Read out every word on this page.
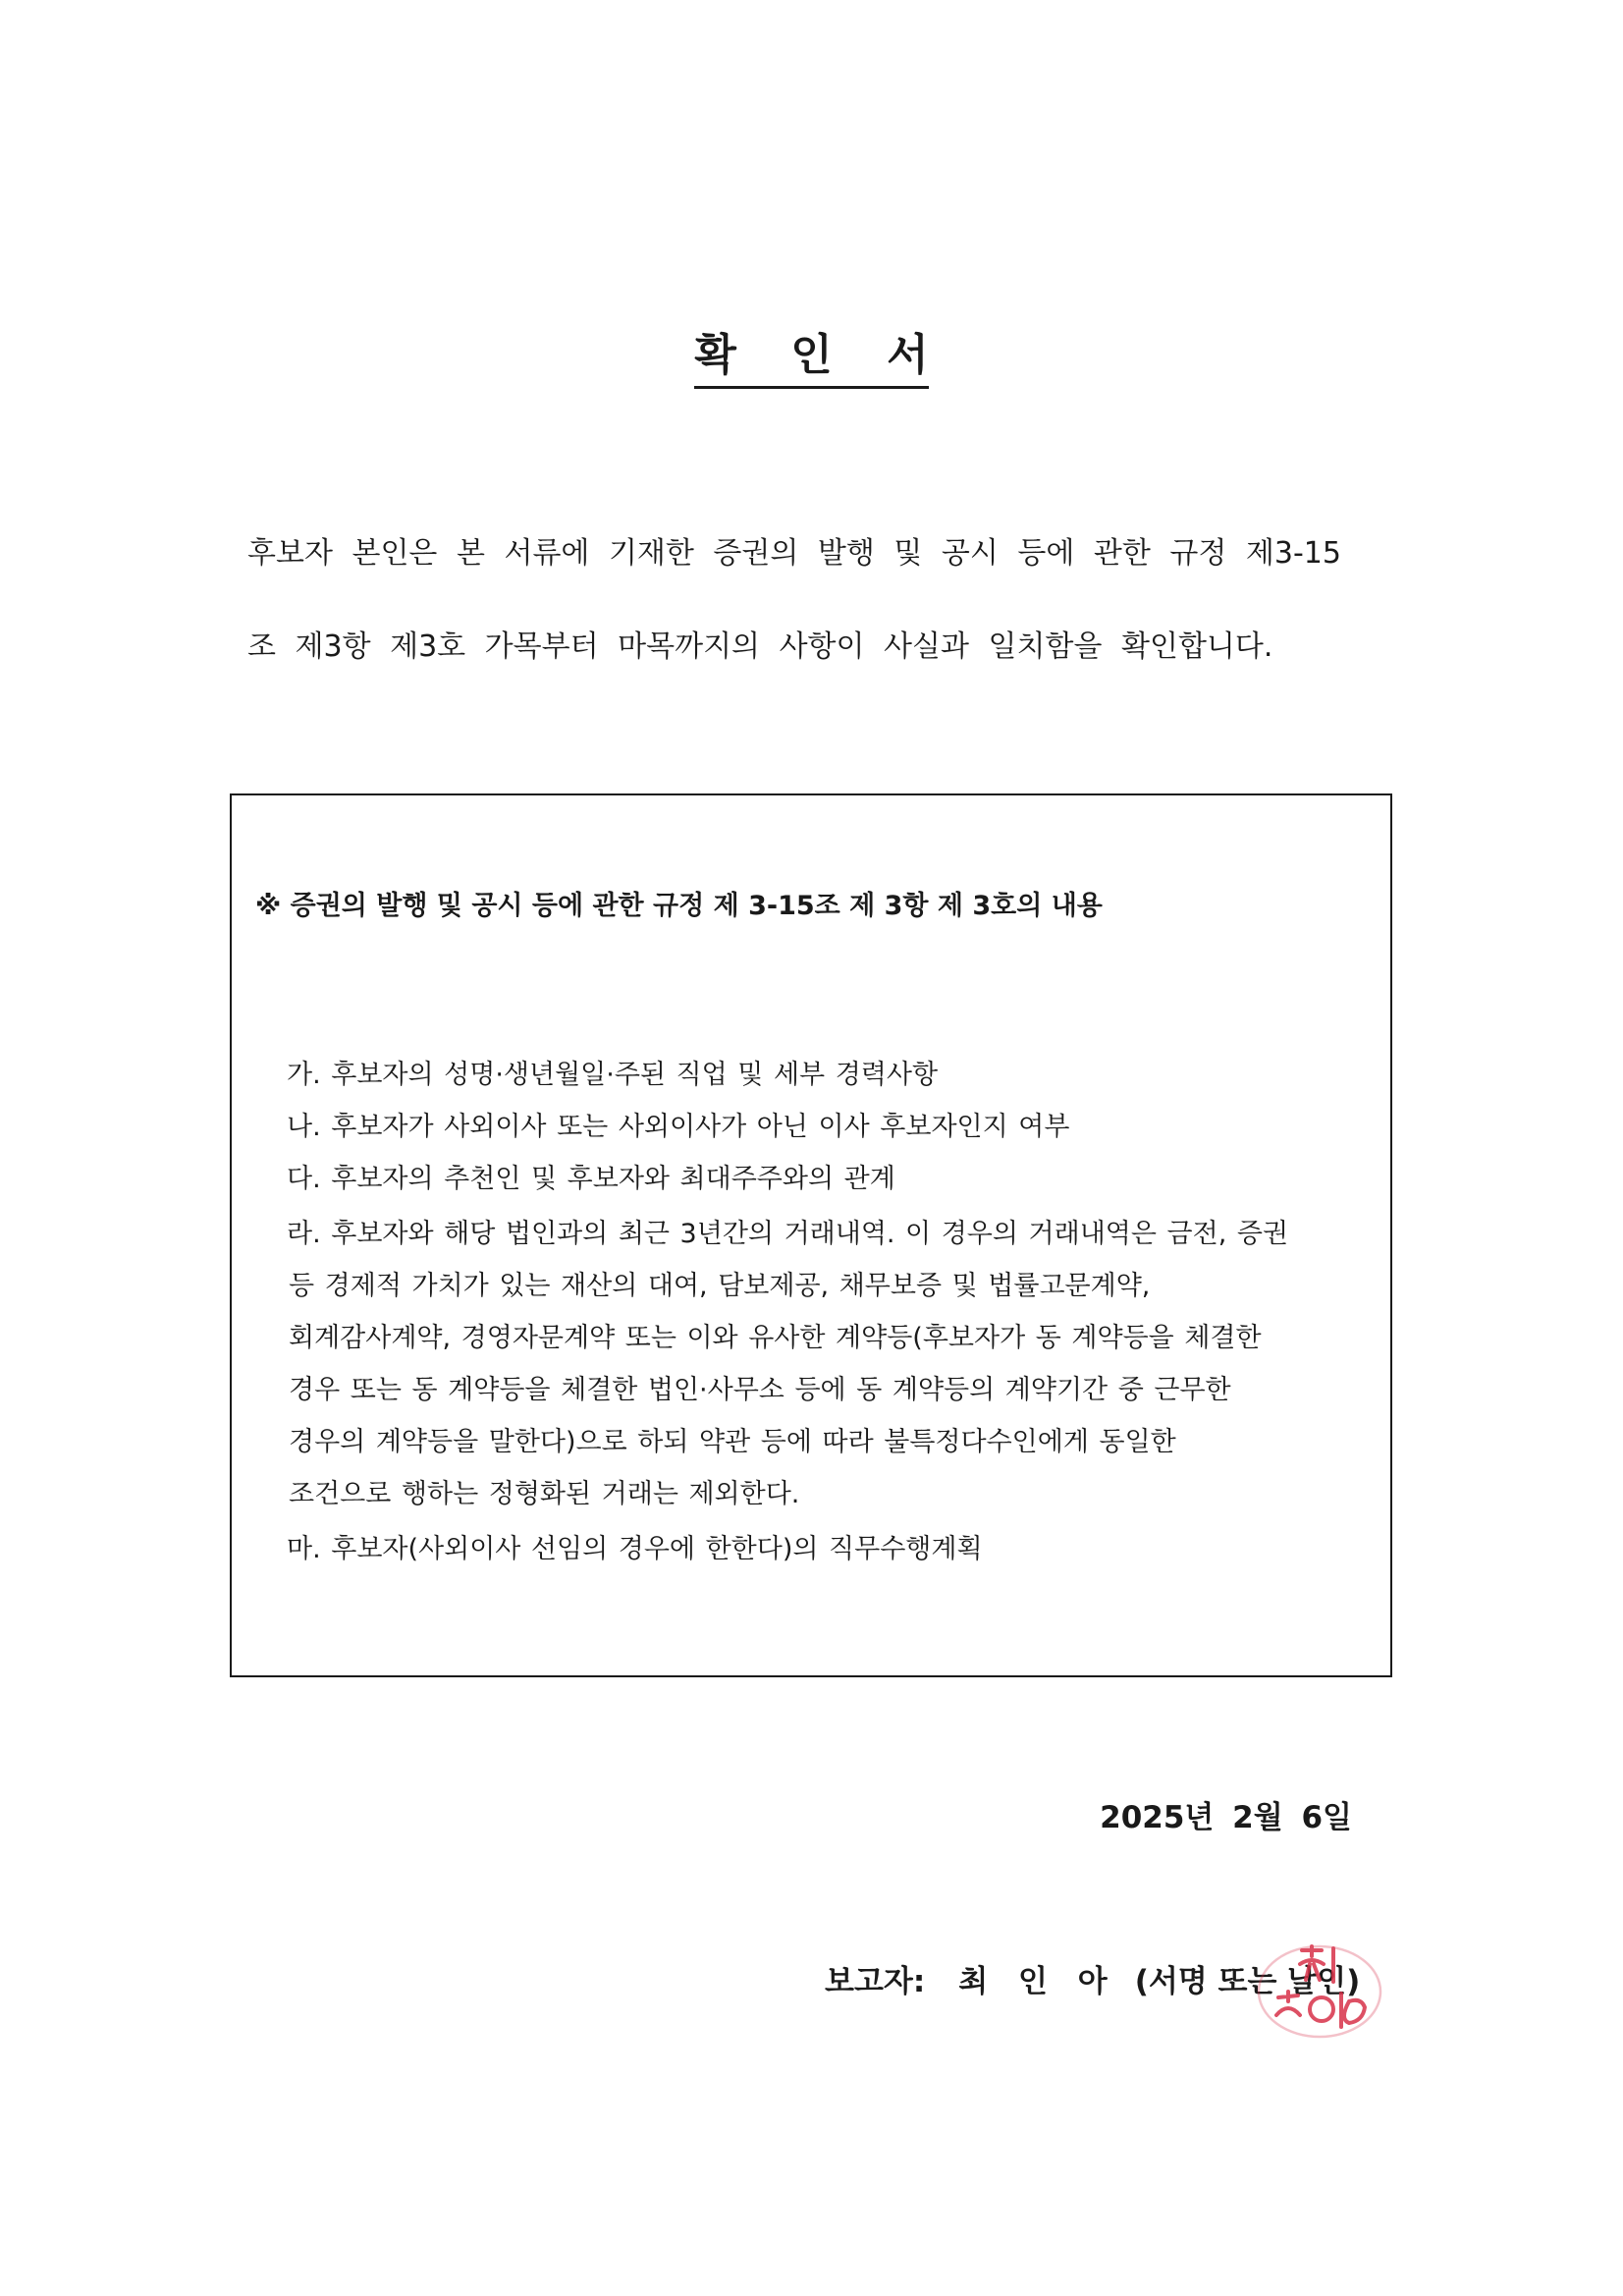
확 인 서
후보자 본인은 본 서류에 기재한 증권의 발행 및 공시 등에 관한 규정 제3-15
조 제3항 제3호 가목부터 마목까지의 사항이 사실과 일치함을 확인합니다.
※ 증권의 발행 및 공시 등에 관한 규정 제 3-15조 제 3항 제 3호의 내용
가. 후보자의 성명·생년월일·주된 직업 및 세부 경력사항
나. 후보자가 사외이사 또는 사외이사가 아닌 이사 후보자인지 여부
다. 후보자의 추천인 및 후보자와 최대주주와의 관계
라. 후보자와 해당 법인과의 최근 3년간의 거래내역. 이 경우의 거래내역은 금전, 증권
등 경제적 가치가 있는 재산의 대여, 담보제공, 채무보증 및 법률고문계약,
회계감사계약, 경영자문계약 또는 이와 유사한 계약등(후보자가 동 계약등을 체결한
경우 또는 동 계약등을 체결한 법인·사무소 등에 동 계약등의 계약기간 중 근무한
경우의 계약등을 말한다)으로 하되 약관 등에 따라 불특정다수인에게 동일한
조건으로 행하는 정형화된 거래는 제외한다.
마. 후보자(사외이사 선임의 경우에 한한다)의 직무수행계획
2025년 2월 6일
보고자: 최 인 아 (서명 또는 날인)
